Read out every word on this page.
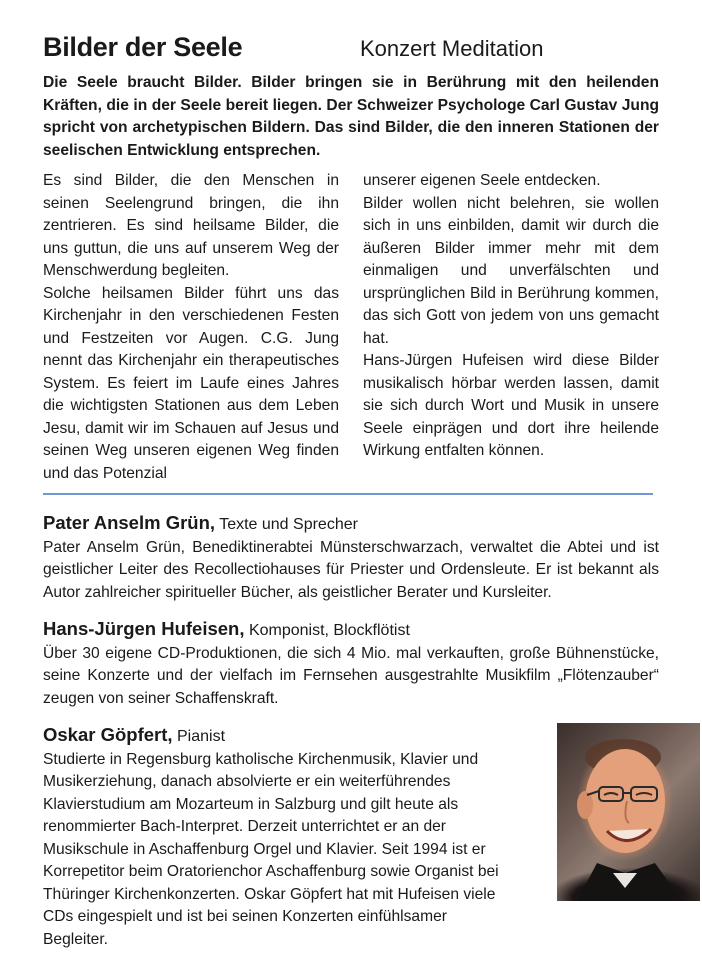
Bilder der Seele	Konzert Meditation
Die Seele braucht Bilder. Bilder bringen sie in Berührung mit den heilenden Kräften, die in der Seele bereit liegen. Der Schweizer Psychologe Carl Gustav Jung spricht von archetypischen Bildern. Das sind Bilder, die den inneren Stationen der seelischen Entwicklung entsprechen.

Es sind Bilder, die den Menschen in seinen Seelengrund bringen, die ihn zentrieren. Es sind heilsame Bilder, die uns guttun, die uns auf unserem Weg der Menschwerdung begleiten.

Solche heilsamen Bilder führt uns das Kirchenjahr in den verschiedenen Festen und Festzeiten vor Augen. C.G. Jung nennt das Kirchenjahr ein therapeutisches System. Es feiert im Laufe eines Jahres die wichtigsten Stationen aus dem Leben Jesu, damit wir im Schauen auf Jesus und seinen Weg unseren eigenen Weg finden und das Potenzial

unserer eigenen Seele entdecken.

Bilder wollen nicht belehren, sie wollen sich in uns einbilden, damit wir durch die äußeren Bilder immer mehr mit dem einmaligen und unverfälschten und ursprünglichen Bild in Berührung kommen, das sich Gott von jedem von uns gemacht hat.

Hans-Jürgen Hufeisen wird diese Bilder musikalisch hörbar werden lassen, damit sie sich durch Wort und Musik in unsere Seele einprägen und dort ihre heilende Wirkung entfalten können.

Pater Anselm Grün, Texte und Sprecher
Pater Anselm Grün, Benediktinerabtei Münsterschwarzach, verwaltet die Abtei und ist geistlicher Leiter des Recollectiohauses für Priester und Ordensleute. Er ist bekannt als Autor zahlreicher spiritueller Bücher, als geistlicher Berater und Kursleiter.
Hans-Jürgen Hufeisen, Komponist, Blockflötist
Über 30 eigene CD-Produktionen, die sich 4 Mio. mal verkauften, große Bühnenstücke, seine Konzerte und der vielfach im Fernsehen ausgestrahlte Musikfilm „Flötenzauber“ zeugen von seiner Schaffenskraft.
Oskar Göpfert, Pianist
Studierte in Regensburg katholische Kirchenmusik, Klavier und Musikerziehung, danach absolvierte er ein weiterführendes Klavierstudium am Mozarteum in Salzburg und gilt heute als renommierter Bach-Interpret. Derzeit unterrichtet er an der Musikschule in Aschaffenburg Orgel und Klavier. Seit 1994 ist er Korrepetitor beim Oratorienchor Aschaffenburg sowie Organist bei Thüringer Kirchenkonzerten. Oskar Göpfert hat mit Hufeisen viele CDs eingespielt und ist bei seinen Konzerten einfühlsamer Begleiter.
